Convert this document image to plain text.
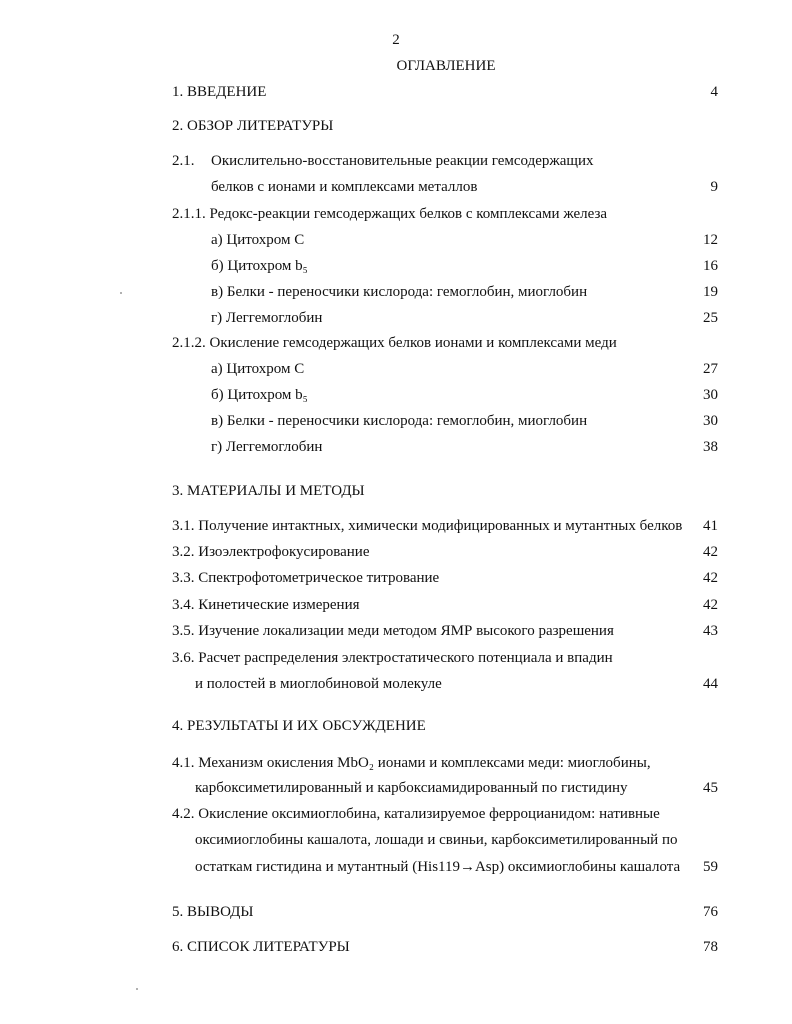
2
ОГЛАВЛЕНИЕ
1. ВВЕДЕНИЕ	4
2. ОБЗОР ЛИТЕРАТУРЫ
2.1. Окислительно-восстановительные реакции гемсодержащих
белков с ионами и комплексами металлов	9
2.1.1. Редокс-реакции гемсодержащих белков с комплексами железа
а) Цитохром С	12
б) Цитохром b₅	16
в) Белки - переносчики кислорода: гемоглобин, миоглобин	19
г) Леггемоглобин	25
2.1.2. Окисление гемсодержащих белков ионами и комплексами меди
а) Цитохром С	27
б) Цитохром b₅	30
в) Белки - переносчики кислорода: гемоглобин, миоглобин	30
г) Леггемоглобин	38
3. МАТЕРИАЛЫ И МЕТОДЫ
3.1. Получение интактных, химически модифицированных и мутантных белков 41
3.2. Изоэлектрофокусирование	42
3.3. Спектрофотометрическое титрование	42
3.4. Кинетические измерения	42
3.5. Изучение локализации меди методом ЯМР высокого разрешения	43
3.6. Расчет распределения электростатического потенциала и впадин
и полостей в миоглобиновой молекуле	44
4. РЕЗУЛЬТАТЫ И ИХ ОБСУЖДЕНИЕ
4.1. Механизм окисления MbO₂ ионами и комплексами меди: миоглобины,
карбоксиметилированный и карбоксиамидированный по гистидину	45
4.2. Окисление оксимиоглобина, катализируемое ферроцианидом: нативные
оксимиоглобины кашалота, лошади и свиньи, карбоксиметилированный по
остаткам гистидина и мутантный (His119→Asp) оксимиоглобины кашалота 59
5. ВЫВОДЫ	76
6. СПИСОК ЛИТЕРАТУРЫ	78
